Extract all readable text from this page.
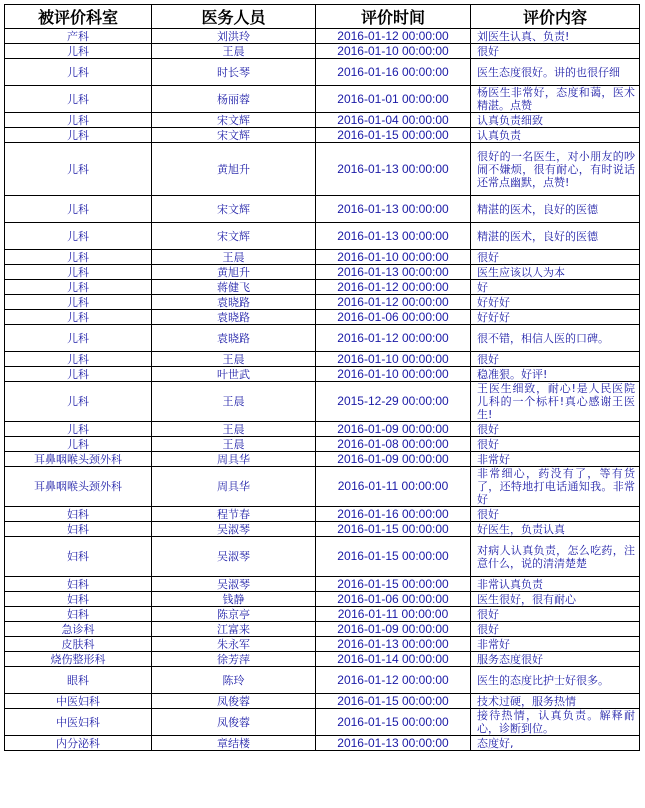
被评价科室	医务人员	评价时间	评价内容
产科	刘洪玲	2016-01-12 00:00:00	刘医生认真、负责!
儿科	王晨	2016-01-10 00:00:00	很好
儿科	时长琴	2016-01-16 00:00:00	医生态度很好。讲的也很仔细
儿科	杨丽蓉	2016-01-01 00:00:00	杨医生非常好，态度和蔼，医术精湛。点赞
儿科	宋文辉	2016-01-04 00:00:00	认真负责细致
儿科	宋文辉	2016-01-15 00:00:00	认真负责
儿科	黄旭升	2016-01-13 00:00:00	很好的一名医生，对小朋友的吵闹不嫌烦，很有耐心，有时说话还常点幽默，点赞!
儿科	宋文辉	2016-01-13 00:00:00	精湛的医术，良好的医德
儿科	宋文辉	2016-01-13 00:00:00	精湛的医术，良好的医德
儿科	王晨	2016-01-10 00:00:00	很好
儿科	黄旭升	2016-01-13 00:00:00	医生应该以人为本
儿科	蒋健飞	2016-01-12 00:00:00	好
儿科	袁晓路	2016-01-12 00:00:00	好好好
儿科	袁晓路	2016-01-06 00:00:00	好好好
儿科	袁晓路	2016-01-12 00:00:00	很不错，相信人医的口碑。
儿科	王晨	2016-01-10 00:00:00	很好
儿科	叶世武	2016-01-10 00:00:00	稳准狠。好评!
儿科	王晨	2015-12-29 00:00:00	王医生细致，耐心!是人民医院儿科的一个标杆!真心感谢王医生!
儿科	王晨	2016-01-09 00:00:00	很好
儿科	王晨	2016-01-08 00:00:00	很好
耳鼻咽喉头颈外科	周具华	2016-01-09 00:00:00	非常好
耳鼻咽喉头颈外科	周具华	2016-01-11 00:00:00	非常细心，药没有了，等有货了，还特地打电话通知我。非常好
妇科	程节春	2016-01-16 00:00:00	很好
妇科	吴淑琴	2016-01-15 00:00:00	好医生，负责认真
妇科	吴淑琴	2016-01-15 00:00:00	对病人认真负责，怎么吃药，注意什么，说的清清楚楚
妇科	吴淑琴	2016-01-15 00:00:00	非常认真负责
妇科	钱静	2016-01-06 00:00:00	医生很好，很有耐心
妇科	陈京亭	2016-01-11 00:00:00	很好
急诊科	江富来	2016-01-09 00:00:00	很好
皮肤科	朱永军	2016-01-13 00:00:00	非常好
烧伤整形科	徐芳萍	2016-01-14 00:00:00	服务态度很好
眼科	陈玲	2016-01-12 00:00:00	医生的态度比护士好很多。
中医妇科	凤俊蓉	2016-01-15 00:00:00	技术过硬，服务热情
中医妇科	凤俊蓉	2016-01-15 00:00:00	接待热情，认真负责。解释耐心，诊断到位。
内分泌科	章结楼	2016-01-13 00:00:00	态度好,
